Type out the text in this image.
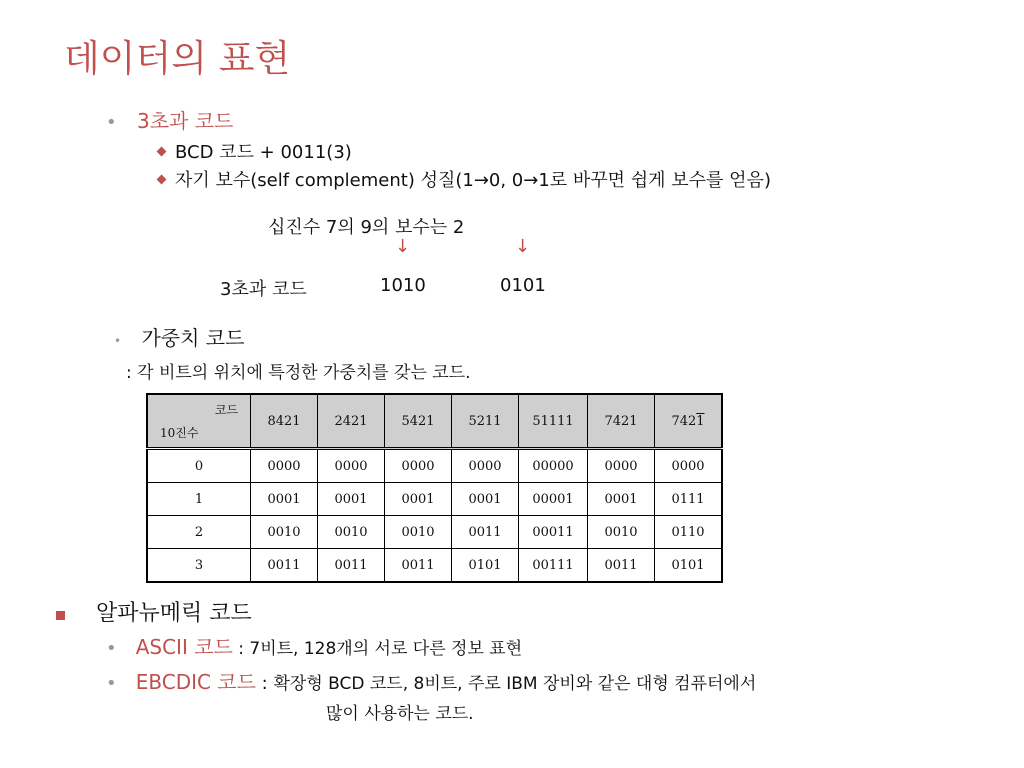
데이터의 표현
• 3초과 코드
BCD 코드 + 0011(3)
자기 보수(self complement) 성질(1→0, 0→1로 바꾸면 쉽게 보수를 얻음)
십진수 7의 9의 보수는 2
↓	↓
3초과 코드	1010	0101
• 가중치 코드
: 각 비트의 위치에 특정한 가중치를 갖는 코드.
코드
10진수	8421	2421	5421	5211	51111	7421	7421
0	0000	0000	0000	0000	00000	0000	0000
1	0001	0001	0001	0001	00001	0001	0111
2	0010	0010	0010	0011	00011	0010	0110
3	0011	0011	0011	0101	00111	0011	0101
알파뉴메릭 코드
• ASCII 코드 : 7비트, 128개의 서로 다른 정보 표현
• EBCDIC 코드 : 확장형 BCD 코드, 8비트, 주로 IBM 장비와 같은 대형 컴퓨터에서
많이 사용하는 코드.
